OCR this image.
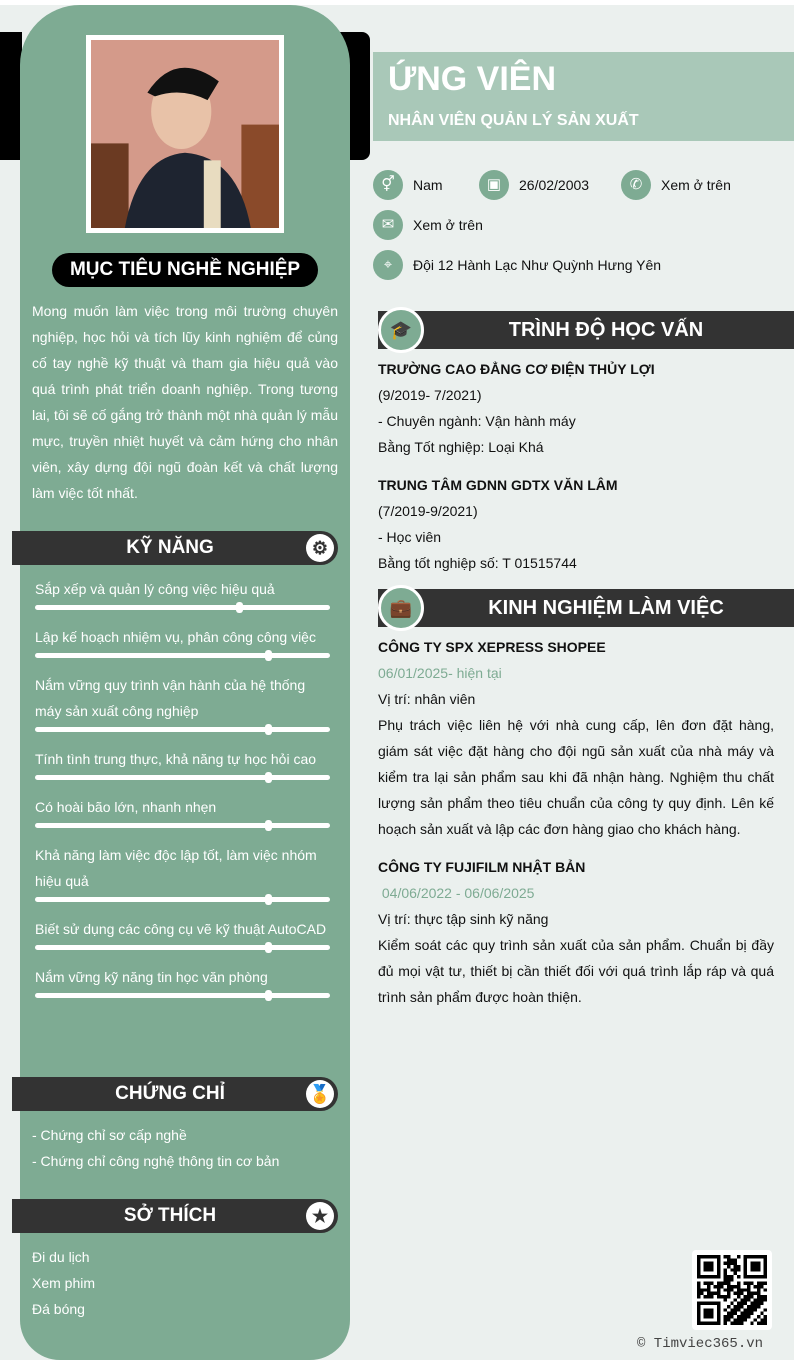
MỤC TIÊU NGHỀ NGHIỆP
Mong muốn làm việc trong môi trường chuyên nghiệp, học hỏi và tích lũy kinh nghiệm để củng cố tay nghề kỹ thuật và tham gia hiệu quả vào quá trình phát triển doanh nghiệp. Trong tương lai, tôi sẽ cố gắng trở thành một nhà quản lý mẫu mực, truyền nhiệt huyết và cảm hứng cho nhân viên, xây dựng đội ngũ đoàn kết và chất lượng làm việc tốt nhất.
KỸ NĂNG	⚙
Sắp xếp và quản lý công việc hiệu quả
Lập kế hoạch nhiệm vụ, phân công công việc
Nắm vững quy trình vận hành của hệ thống máy sản xuất công nghiệp
Tính tình trung thực, khả năng tự học hỏi cao
Có hoài bão lớn, nhanh nhẹn
Khả năng làm việc độc lập tốt, làm việc nhóm hiệu quả
Biết sử dụng các công cụ vẽ kỹ thuật AutoCAD
Nắm vững kỹ năng tin học văn phòng
CHỨNG CHỈ	🏅
- Chứng chỉ sơ cấp nghề
- Chứng chỉ công nghệ thông tin cơ bản
SỞ THÍCH	★
Đi du lịch
Xem phim
Đá bóng
ỨNG VIÊN
NHÂN VIÊN QUẢN LÝ SẢN XUẤT
⚥	Nam	▣	26/02/2003	✆	Xem ở trên
✉	Xem ở trên
⌖	Đội 12 Hành Lạc Như Quỳnh Hưng Yên
🎓	TRÌNH ĐỘ HỌC VẤN
TRƯỜNG CAO ĐẲNG CƠ ĐIỆN THỦY LỢI
(9/2019- 7/2021)
- Chuyên ngành: Vận hành máy
Bằng Tốt nghiệp: Loại Khá
TRUNG TÂM GDNN GDTX VĂN LÂM
(7/2019-9/2021)
- Học viên
Bằng tốt nghiệp số: T 01515744
💼	KINH NGHIỆM LÀM VIỆC
CÔNG TY SPX XEPRESS SHOPEE
06/01/2025- hiện tại
Vị trí: nhân viên
Phụ trách việc liên hệ với nhà cung cấp, lên đơn đặt hàng, giám sát việc đặt hàng cho đội ngũ sản xuất của nhà máy và kiểm tra lại sản phẩm sau khi đã nhận hàng. Nghiệm thu chất lượng sản phẩm theo tiêu chuẩn của công ty quy định. Lên kế hoạch sản xuất và lập các đơn hàng giao cho khách hàng.
CÔNG TY FUJIFILM NHẬT BẢN
04/06/2022 - 06/06/2025
Vị trí: thực tập sinh kỹ năng
Kiểm soát các quy trình sản xuất của sản phẩm. Chuẩn bị đầy đủ mọi vật tư, thiết bị cần thiết đối với quá trình lắp ráp và quá trình sản phẩm được hoàn thiện.
© Timviec365.vn
